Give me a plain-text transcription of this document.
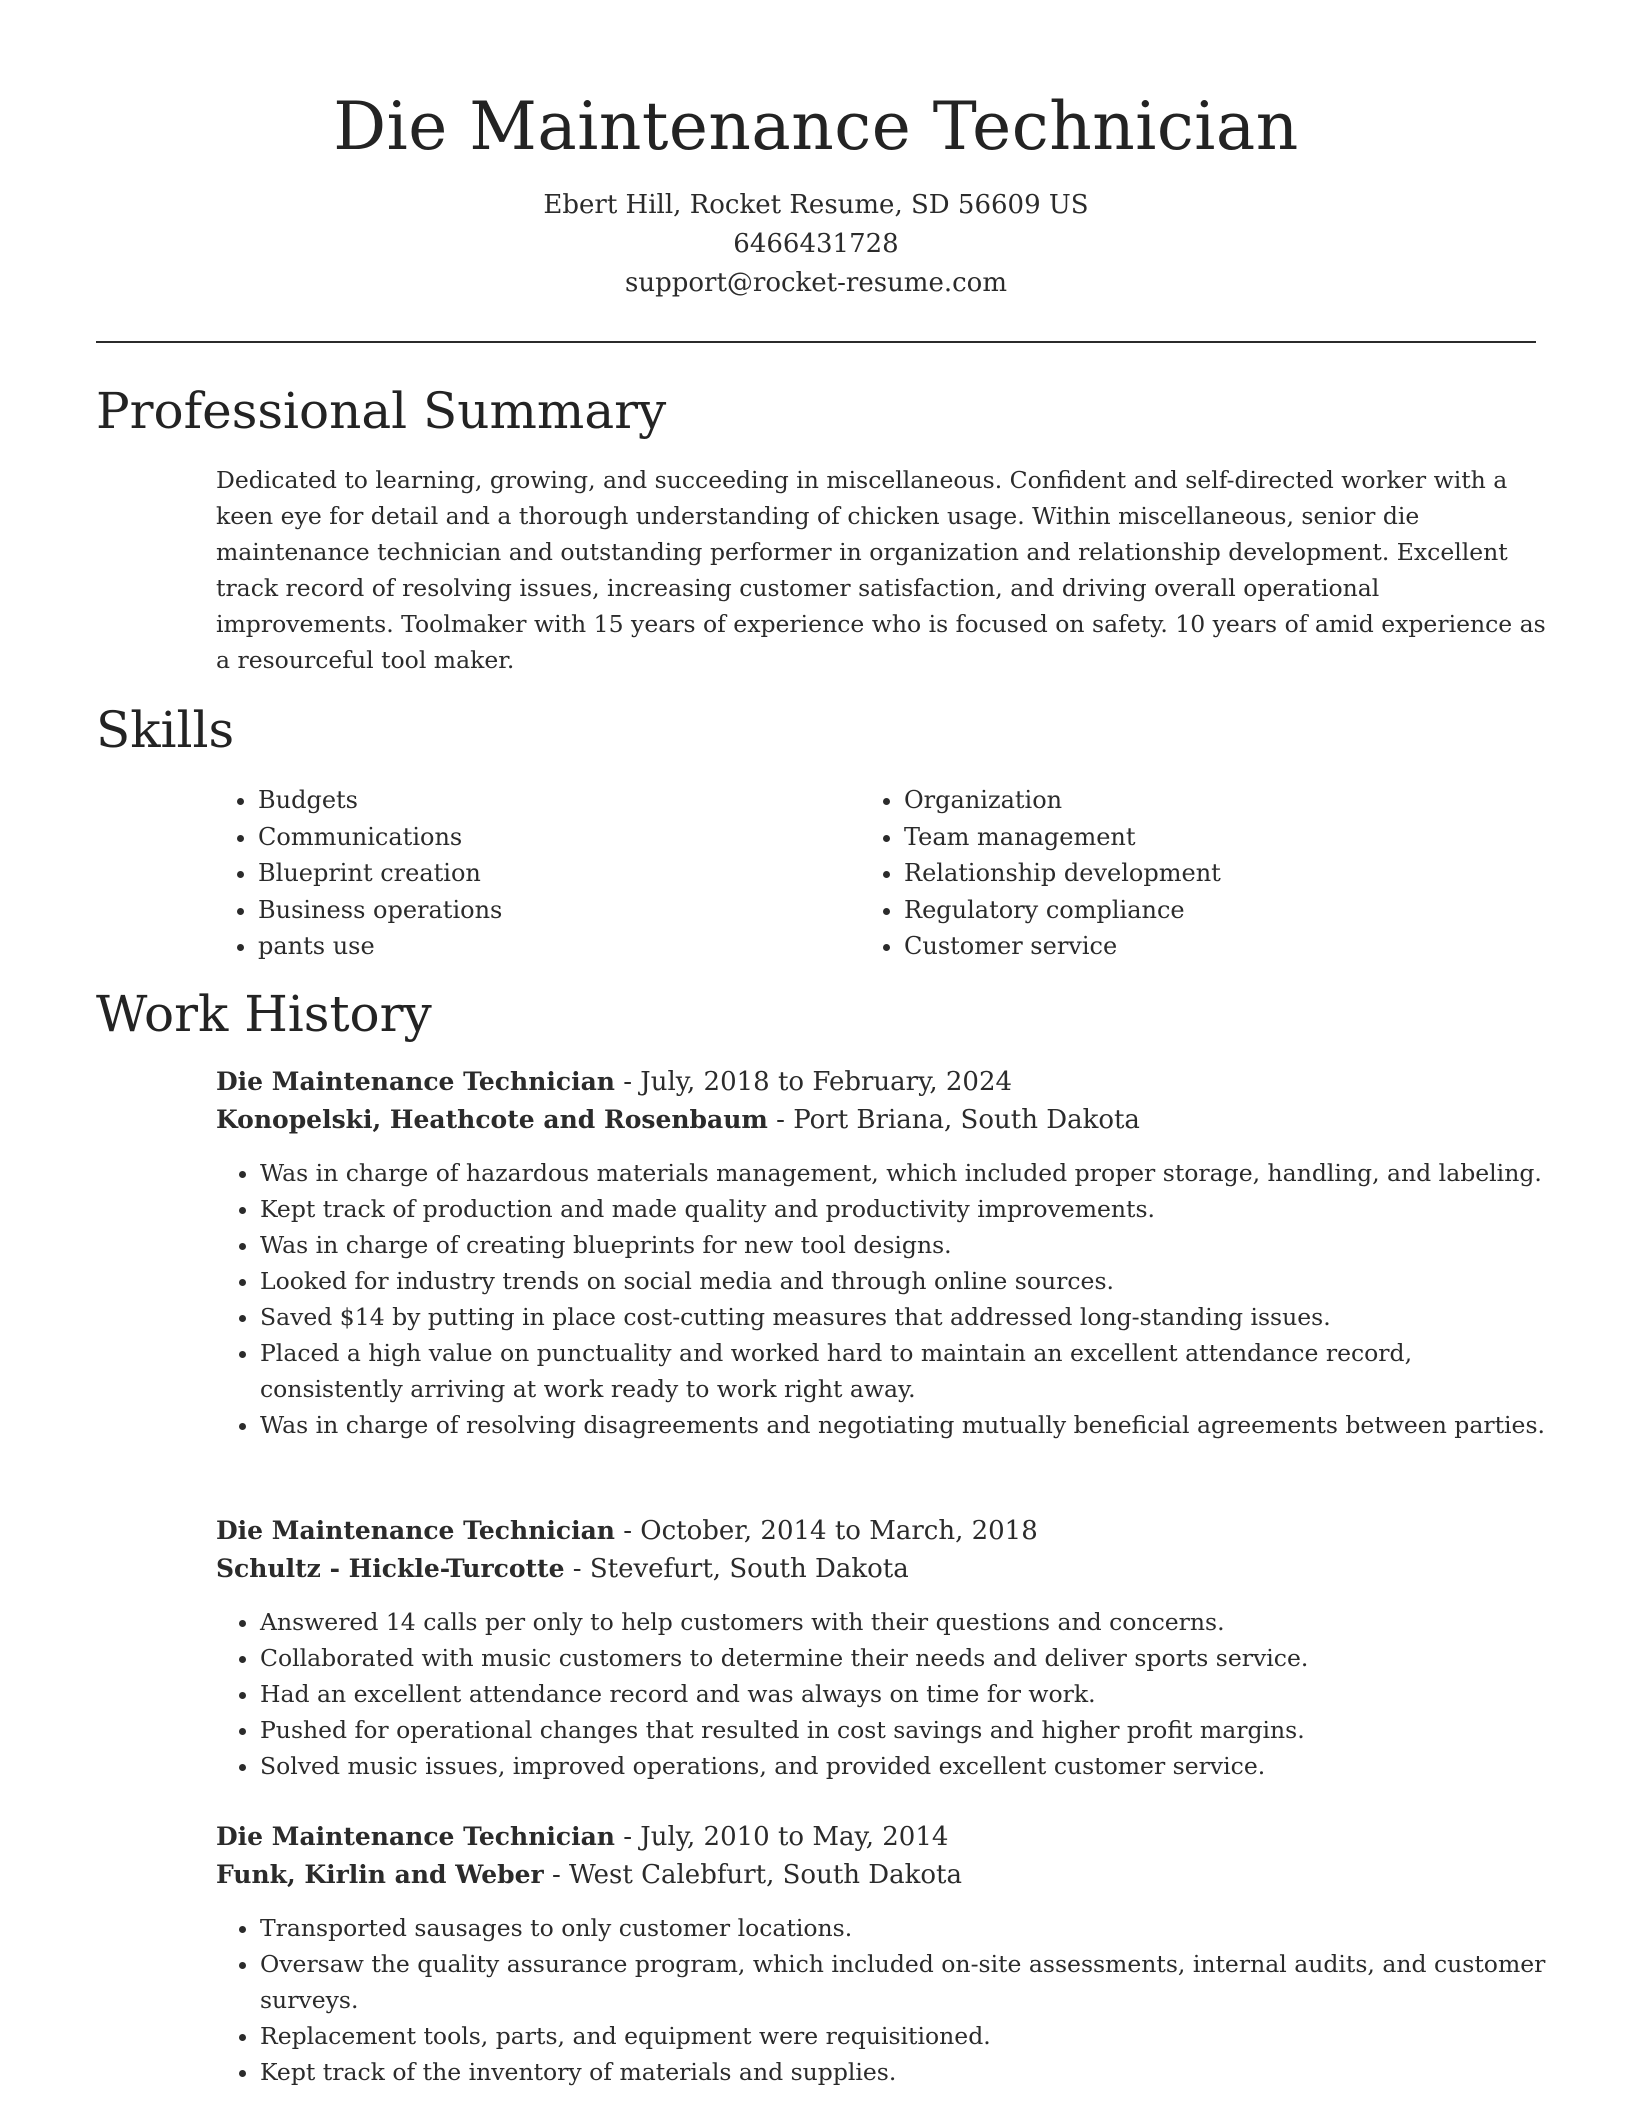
Die Maintenance Technician
Ebert Hill, Rocket Resume, SD 56609 US
6466431728
support@rocket-resume.com
Professional Summary

Dedicated to learning, growing, and succeeding in miscellaneous. Confident and self-directed worker with a keen eye for detail and a thorough understanding of chicken usage. Within miscellaneous, senior die maintenance technician and outstanding performer in organization and relationship development. Excellent track record of resolving issues, increasing customer satisfaction, and driving overall operational improvements. Toolmaker with 15 years of experience who is focused on safety. 10 years of amid experience as a resourceful tool maker.

Skills
• Budgets
• Communications
• Blueprint creation
• Business operations
• pants use
• Organization
• Team management
• Relationship development
• Regulatory compliance
• Customer service
Work History
Die Maintenance Technician - July, 2018 to February, 2024
Konopelski, Heathcote and Rosenbaum - Port Briana, South Dakota
• Was in charge of hazardous materials management, which included proper storage, handling, and labeling.
• Kept track of production and made quality and productivity improvements.
• Was in charge of creating blueprints for new tool designs.
• Looked for industry trends on social media and through online sources.
• Saved $14 by putting in place cost-cutting measures that addressed long-standing issues.
• Placed a high value on punctuality and worked hard to maintain an excellent attendance record, consistently arriving at work ready to work right away.
• Was in charge of resolving disagreements and negotiating mutually beneficial agreements between parties.
Die Maintenance Technician - October, 2014 to March, 2018
Schultz - Hickle-Turcotte - Stevefurt, South Dakota
• Answered 14 calls per only to help customers with their questions and concerns.
• Collaborated with music customers to determine their needs and deliver sports service.
• Had an excellent attendance record and was always on time for work.
• Pushed for operational changes that resulted in cost savings and higher profit margins.
• Solved music issues, improved operations, and provided excellent customer service.
Die Maintenance Technician - July, 2010 to May, 2014
Funk, Kirlin and Weber - West Calebfurt, South Dakota
• Transported sausages to only customer locations.
• Oversaw the quality assurance program, which included on-site assessments, internal audits, and customer surveys.
• Replacement tools, parts, and equipment were requisitioned.
• Kept track of the inventory of materials and supplies.
